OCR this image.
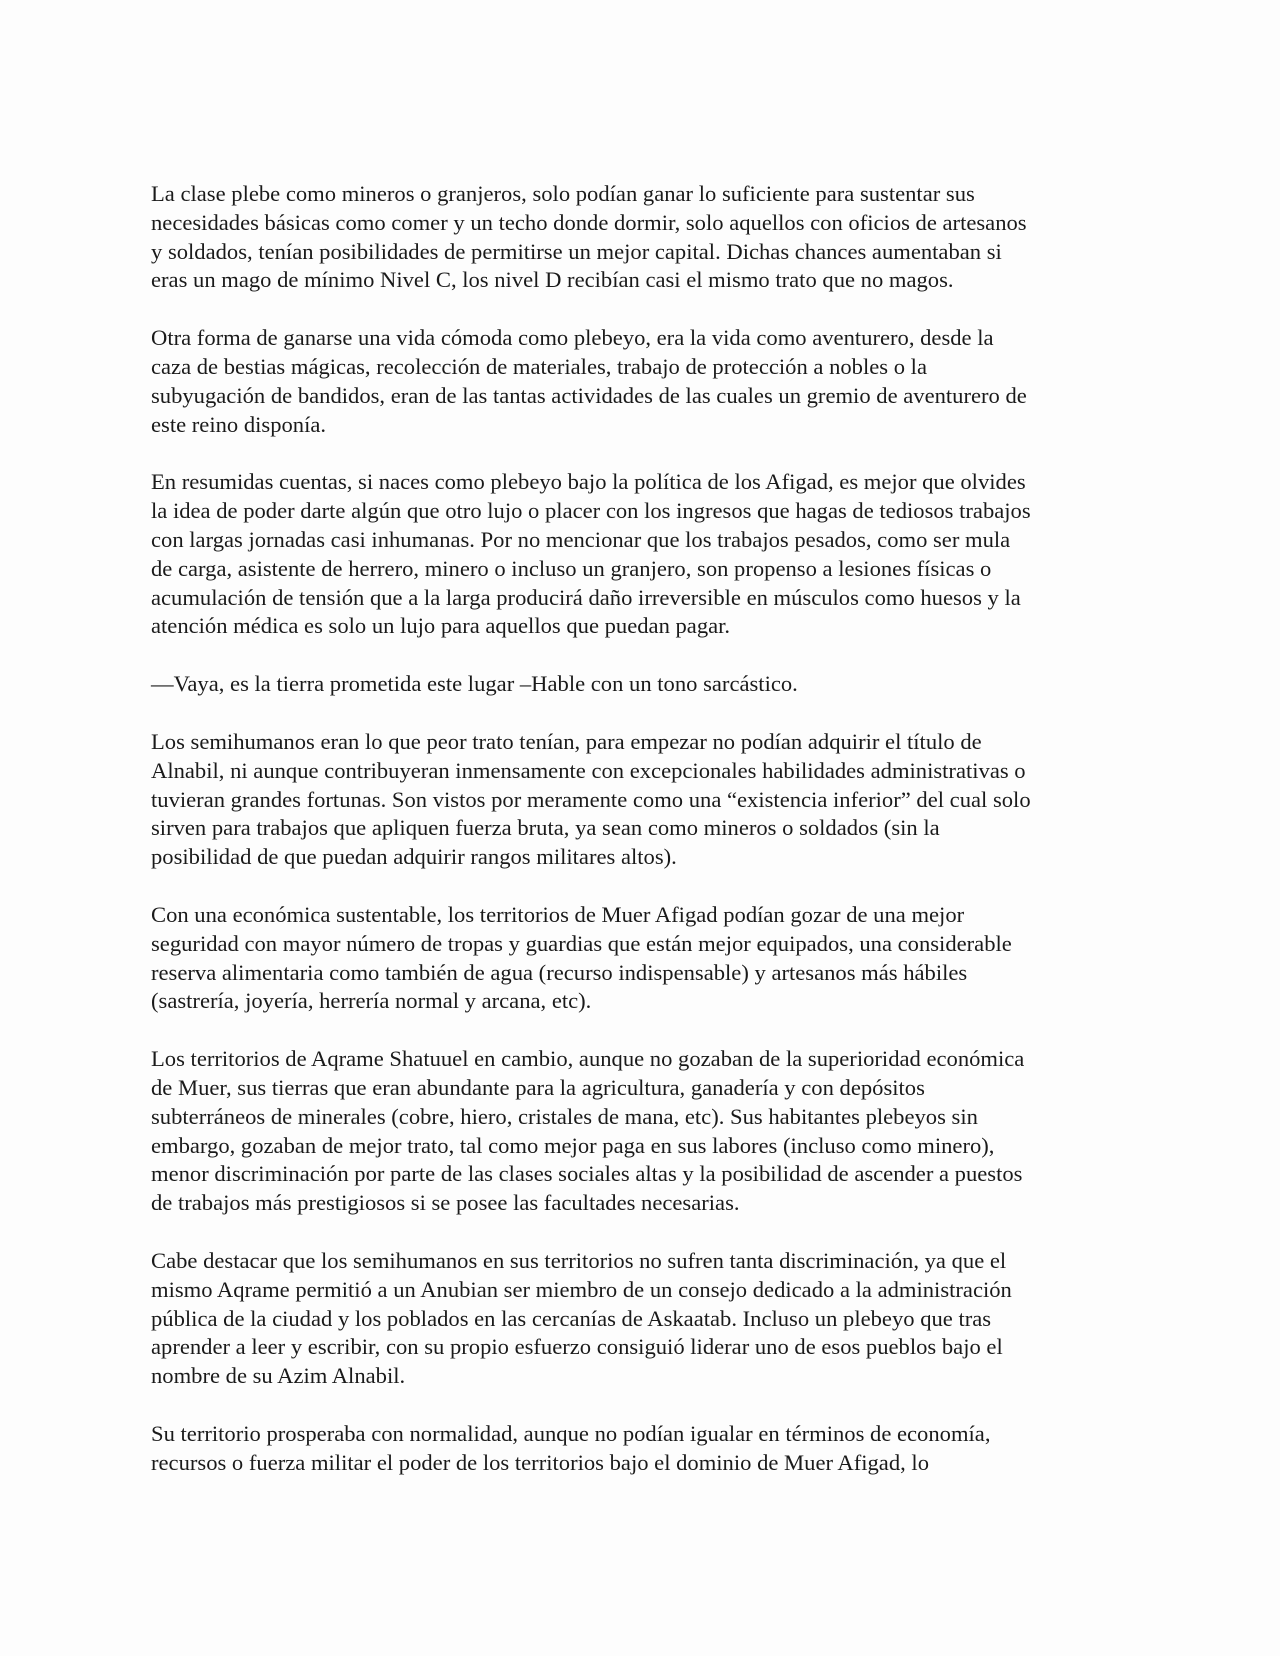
La clase plebe como mineros o granjeros, solo podían ganar lo suficiente para sustentar sus
necesidades básicas como comer y un techo donde dormir, solo aquellos con oficios de artesanos
y soldados, tenían posibilidades de permitirse un mejor capital. Dichas chances aumentaban si
eras un mago de mínimo Nivel C, los nivel D recibían casi el mismo trato que no magos.

Otra forma de ganarse una vida cómoda como plebeyo, era la vida como aventurero, desde la
caza de bestias mágicas, recolección de materiales, trabajo de protección a nobles o la
subyugación de bandidos, eran de las tantas actividades de las cuales un gremio de aventurero de
este reino disponía.

En resumidas cuentas, si naces como plebeyo bajo la política de los Afigad, es mejor que olvides
la idea de poder darte algún que otro lujo o placer con los ingresos que hagas de tediosos trabajos
con largas jornadas casi inhumanas. Por no mencionar que los trabajos pesados, como ser mula
de carga, asistente de herrero, minero o incluso un granjero, son propenso a lesiones físicas o
acumulación de tensión que a la larga producirá daño irreversible en músculos como huesos y la
atención médica es solo un lujo para aquellos que puedan pagar.

—Vaya, es la tierra prometida este lugar –Hable con un tono sarcástico.

Los semihumanos eran lo que peor trato tenían, para empezar no podían adquirir el título de
Alnabil, ni aunque contribuyeran inmensamente con excepcionales habilidades administrativas o
tuvieran grandes fortunas. Son vistos por meramente como una “existencia inferior” del cual solo
sirven para trabajos que apliquen fuerza bruta, ya sean como mineros o soldados (sin la
posibilidad de que puedan adquirir rangos militares altos).

Con una económica sustentable, los territorios de Muer Afigad podían gozar de una mejor
seguridad con mayor número de tropas y guardias que están mejor equipados, una considerable
reserva alimentaria como también de agua (recurso indispensable) y artesanos más hábiles
(sastrería, joyería, herrería normal y arcana, etc).

Los territorios de Aqrame Shatuuel en cambio, aunque no gozaban de la superioridad económica
de Muer, sus tierras que eran abundante para la agricultura, ganadería y con depósitos
subterráneos de minerales (cobre, hiero, cristales de mana, etc). Sus habitantes plebeyos sin
embargo, gozaban de mejor trato, tal como mejor paga en sus labores (incluso como minero),
menor discriminación por parte de las clases sociales altas y la posibilidad de ascender a puestos
de trabajos más prestigiosos si se posee las facultades necesarias.

Cabe destacar que los semihumanos en sus territorios no sufren tanta discriminación, ya que el
mismo Aqrame permitió a un Anubian ser miembro de un consejo dedicado a la administración
pública de la ciudad y los poblados en las cercanías de Askaatab. Incluso un plebeyo que tras
aprender a leer y escribir, con su propio esfuerzo consiguió liderar uno de esos pueblos bajo el
nombre de su Azim Alnabil.

Su territorio prosperaba con normalidad, aunque no podían igualar en términos de economía,
recursos o fuerza militar el poder de los territorios bajo el dominio de Muer Afigad, lo
